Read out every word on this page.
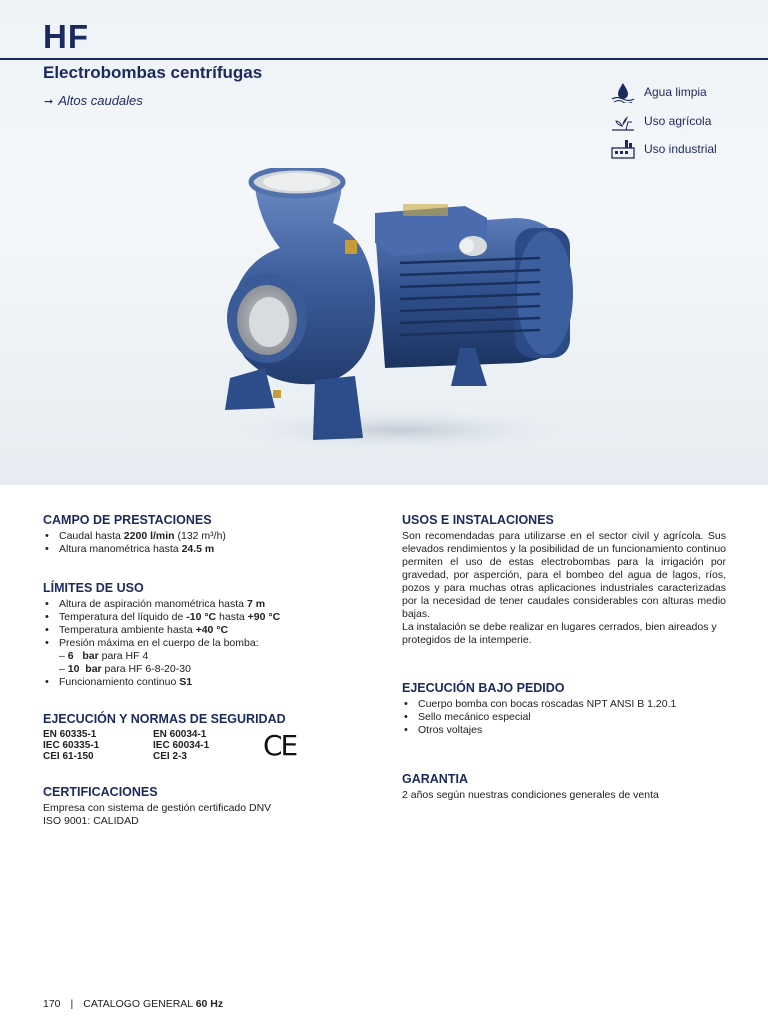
HF
Electrobombas centrífugas
➞ Altos caudales
Agua limpia
Uso agrícola
Uso industrial
CAMPO DE PRESTACIONES
• Caudal hasta 2200 l/min (132 m³/h)
• Altura manométrica hasta 24.5 m
LÍMITES DE USO
• Altura de aspiración manométrica hasta 7 m
• Temperatura del líquido de -10 °C hasta +90 °C
• Temperatura ambiente hasta +40 °C
• Presión máxima en el cuerpo de la bomba:
– 6   bar para HF 4
– 10  bar para HF 6-8-20-30
• Funcionamiento continuo S1
EJECUCIÓN Y NORMAS DE SEGURIDAD
EN 60335-1
IEC 60335-1
CEI 61-150
EN 60034-1
IEC 60034-1
CEI 2-3	CE
CERTIFICACIONES

Empresa con sistema de gestión certificado DNV

ISO 9001: CALIDAD

USOS E INSTALACIONES

Son recomendadas para utilizarse en el sector civil y agrícola. Sus elevados rendimientos y la posibilidad de un funcionamiento continuo permiten el uso de estas electrobombas para la irrigación por gravedad, por asperción, para el bombeo del agua de lagos, ríos, pozos y para muchas otras aplicaciones industriales caracterizadas por la necesidad de tener caudales considerables con alturas medio bajas.

La instalación se debe realizar en lugares cerrados, bien aireados y protegidos de la intemperie.

EJECUCIÓN BAJO PEDIDO
• Cuerpo bomba con bocas roscadas NPT ANSI B 1.20.1
• Sello mecánico especial
• Otros voltajes
GARANTIA

2 años según nuestras condiciones generales de venta

170 | CATALOGO GENERAL 60 Hz
